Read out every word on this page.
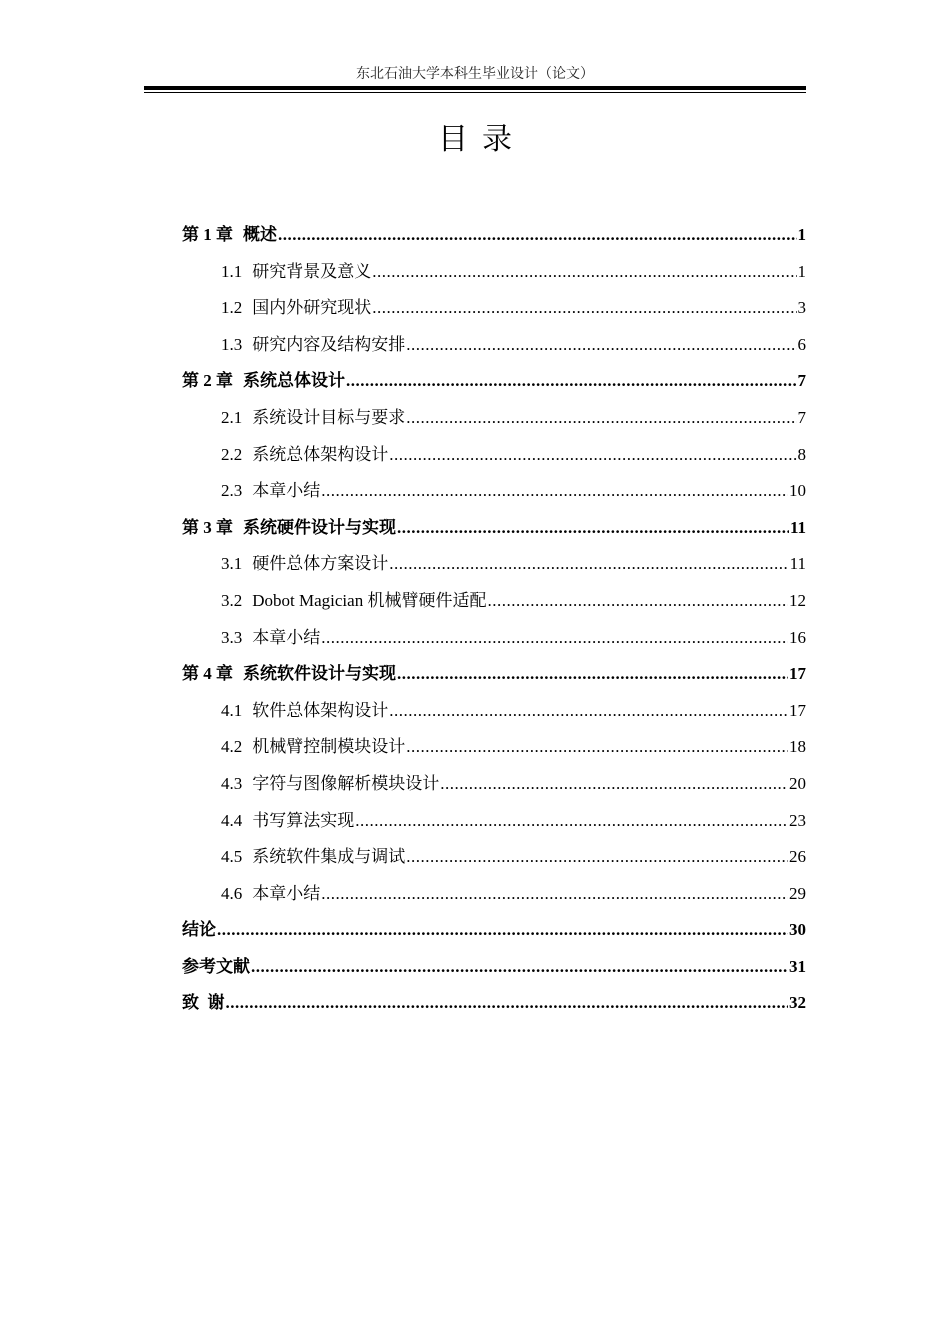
东北石油大学本科生毕业设计（论文）
目录
第 1 章 概述 .....	1
1.1 研究背景及意义 .....	1
1.2 国内外研究现状 .....	3
1.3 研究内容及结构安排 .....	6
第 2 章 系统总体设计 .....	7
2.1 系统设计目标与要求 .....	7
2.2 系统总体架构设计 .....	8
2.3 本章小结 .....	10
第 3 章 系统硬件设计与实现 .....	11
3.1 硬件总体方案设计 .....	11
3.2 Dobot Magician 机械臂硬件适配 .....	12
3.3 本章小结 .....	16
第 4 章 系统软件设计与实现 .....	17
4.1 软件总体架构设计 .....	17
4.2 机械臂控制模块设计 .....	18
4.3 字符与图像解析模块设计 .....	20
4.4 书写算法实现 .....	23
4.5 系统软件集成与调试 .....	26
4.6 本章小结 .....	29
结论 .....	30
参考文献 .....	31
致  谢 .....	32
